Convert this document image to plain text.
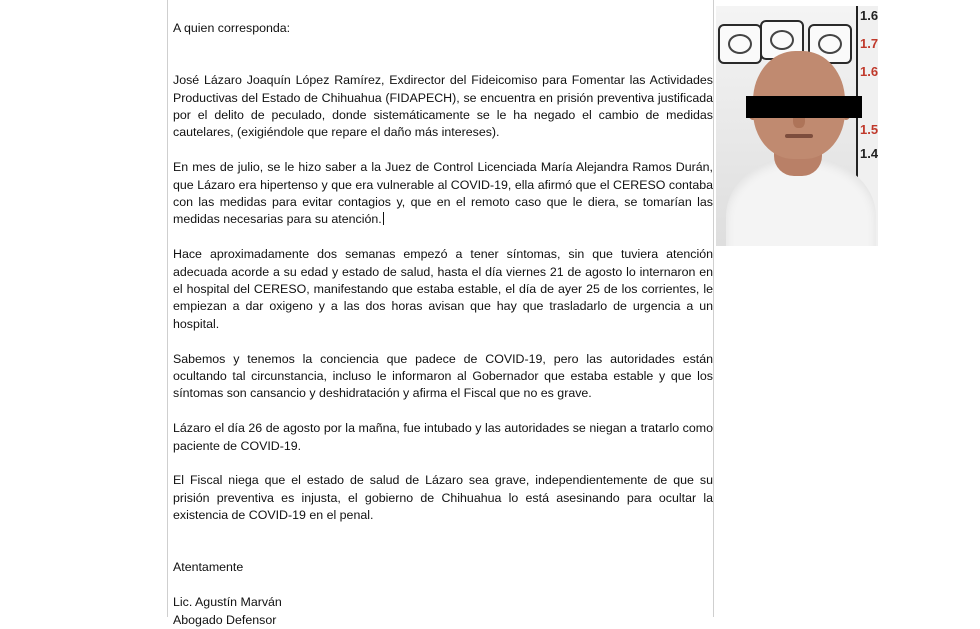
A quien corresponda:

José Lázaro Joaquín López Ramírez, Exdirector del Fideicomiso para Fomentar las Actividades Productivas del Estado de Chihuahua (FIDAPECH), se encuentra en prisión preventiva justificada por el delito de peculado, donde sistemáticamente se le ha negado el cambio de medidas cautelares, (exigiéndole que repare el daño más intereses).

En mes de julio, se le hizo saber a la Juez de Control Licenciada María Alejandra Ramos Durán, que Lázaro era hipertenso y que era vulnerable al COVID-19, ella afirmó que el CERESO contaba con las medidas para evitar contagios y, que en el remoto caso que le diera, se tomarían las medidas necesarias para su atención.

Hace aproximadamente dos semanas empezó a tener síntomas, sin que tuviera atención adecuada acorde a su edad y estado de salud, hasta el día viernes 21 de agosto lo internaron en el hospital del CERESO, manifestando que estaba estable, el día de ayer 25 de los corrientes, le empiezan a dar oxigeno y a las dos horas avisan que hay que trasladarlo de urgencia a un hospital.

Sabemos y tenemos la conciencia que padece de COVID-19, pero las autoridades están ocultando tal circunstancia, incluso le informaron al Gobernador que estaba estable y que los síntomas son cansancio y deshidratación y afirma el Fiscal que no es grave.

Lázaro el día 26 de agosto por la mañna, fue intubado y las autoridades se niegan a tratarlo como paciente de COVID-19.

El Fiscal niega que el estado de salud de Lázaro sea grave, independientemente de que su prisión preventiva es injusta, el gobierno de Chihuahua lo está asesinando para ocultar la existencia de COVID-19 en el penal.

Atentamente

Lic. Agustín Marván

Abogado Defensor

1.6
1.7
1.6
1.5
1.4
